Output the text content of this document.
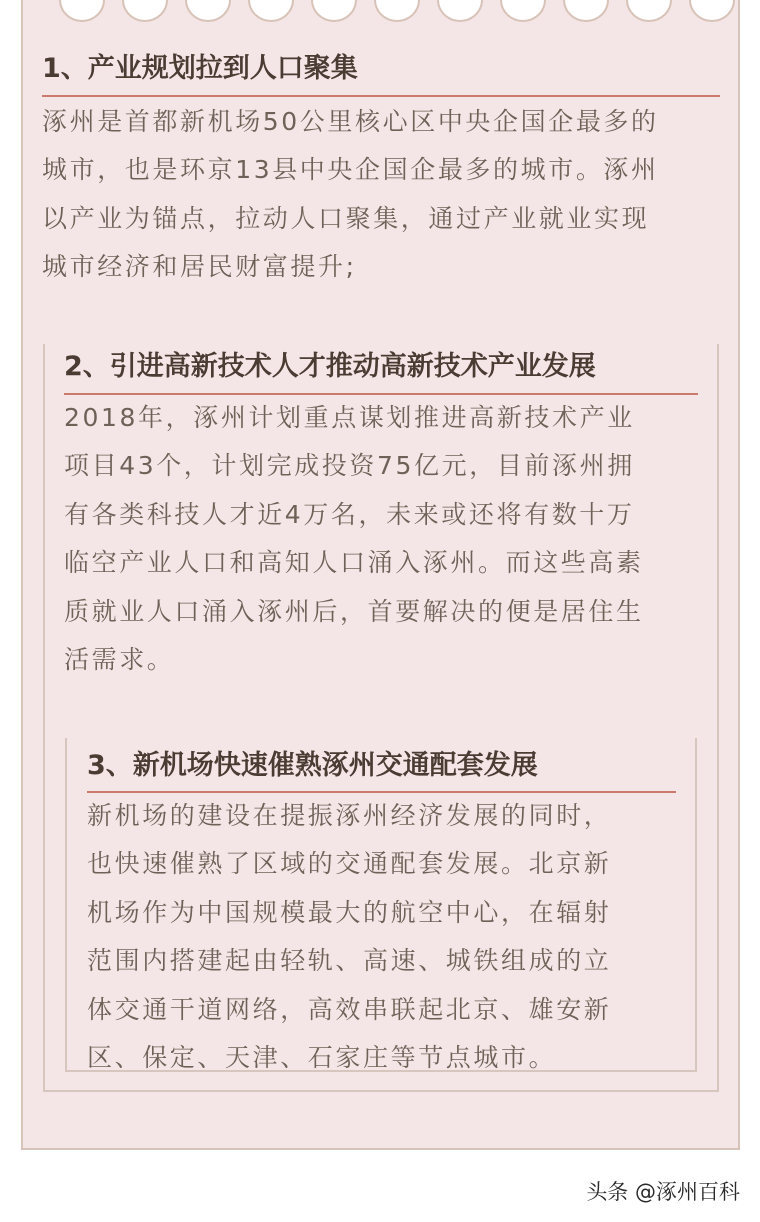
1、产业规划拉到人口聚集
涿州是首都新机场50公里核心区中央企国企最多的
城市，也是环京13县中央企国企最多的城市。涿州
以产业为锚点，拉动人口聚集，通过产业就业实现
城市经济和居民财富提升;
2、引进高新技术人才推动高新技术产业发展
2018年，涿州计划重点谋划推进高新技术产业
项目43个，计划完成投资75亿元，目前涿州拥
有各类科技人才近4万名，未来或还将有数十万
临空产业人口和高知人口涌入涿州。而这些高素
质就业人口涌入涿州后，首要解决的便是居住生
活需求。
3、新机场快速催熟涿州交通配套发展
新机场的建设在提振涿州经济发展的同时，
也快速催熟了区域的交通配套发展。北京新
机场作为中国规模最大的航空中心，在辐射
范围内搭建起由轻轨、高速、城铁组成的立
体交通干道网络，高效串联起北京、雄安新
区、保定、天津、石家庄等节点城市。
头条 @涿州百科
